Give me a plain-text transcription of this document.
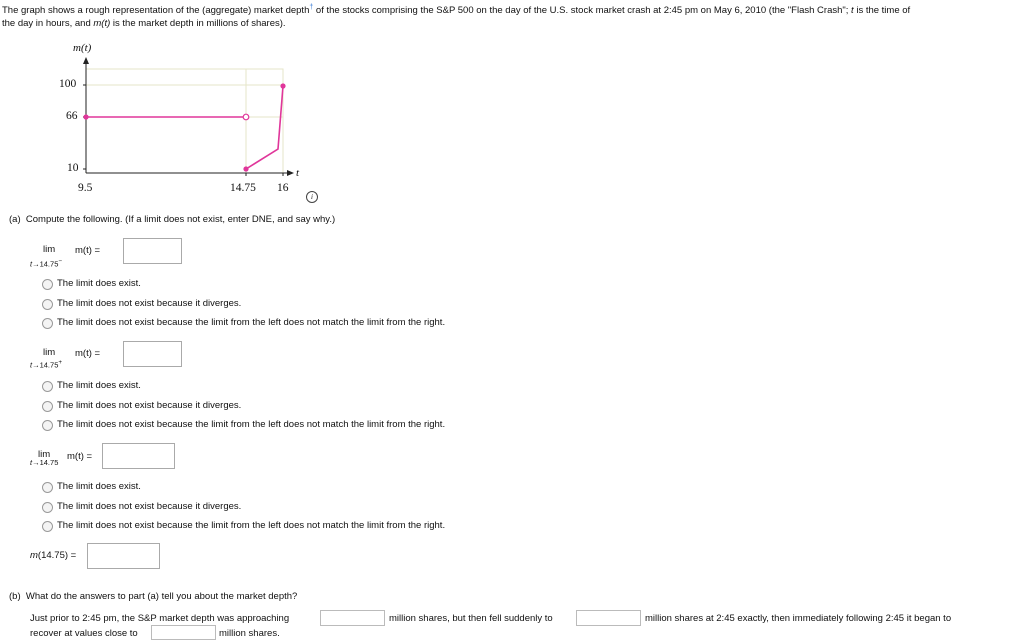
The graph shows a rough representation of the (aggregate) market depth† of the stocks comprising the S&P 500 on the day of the U.S. stock market crash at 2:45 pm on May 6, 2010 (the "Flash Crash"; t is the time of
the day in hours, and m(t) is the market depth in millions of shares).
m(t)
t
100
66
10
9.5	14.75 16
i
(a) Compute the following. (If a limit does not exist, enter DNE, and say why.)
lim
t→14.75−
m(t) =
The limit does exist.
The limit does not exist because it diverges.
The limit does not exist because the limit from the left does not match the limit from the right.
lim
t→14.75+
m(t) =
The limit does exist.
The limit does not exist because it diverges.
The limit does not exist because the limit from the left does not match the limit from the right.
lim
t→14.75
m(t) =
The limit does exist.
The limit does not exist because it diverges.
The limit does not exist because the limit from the left does not match the limit from the right.
m(14.75) =
(b) What do the answers to part (a) tell you about the market depth?
Just prior to 2:45 pm, the S&P market depth was approaching	million shares, but then fell suddenly to	million shares at 2:45 exactly, then immediately following 2:45 it began to
recover at values close to	million shares.
